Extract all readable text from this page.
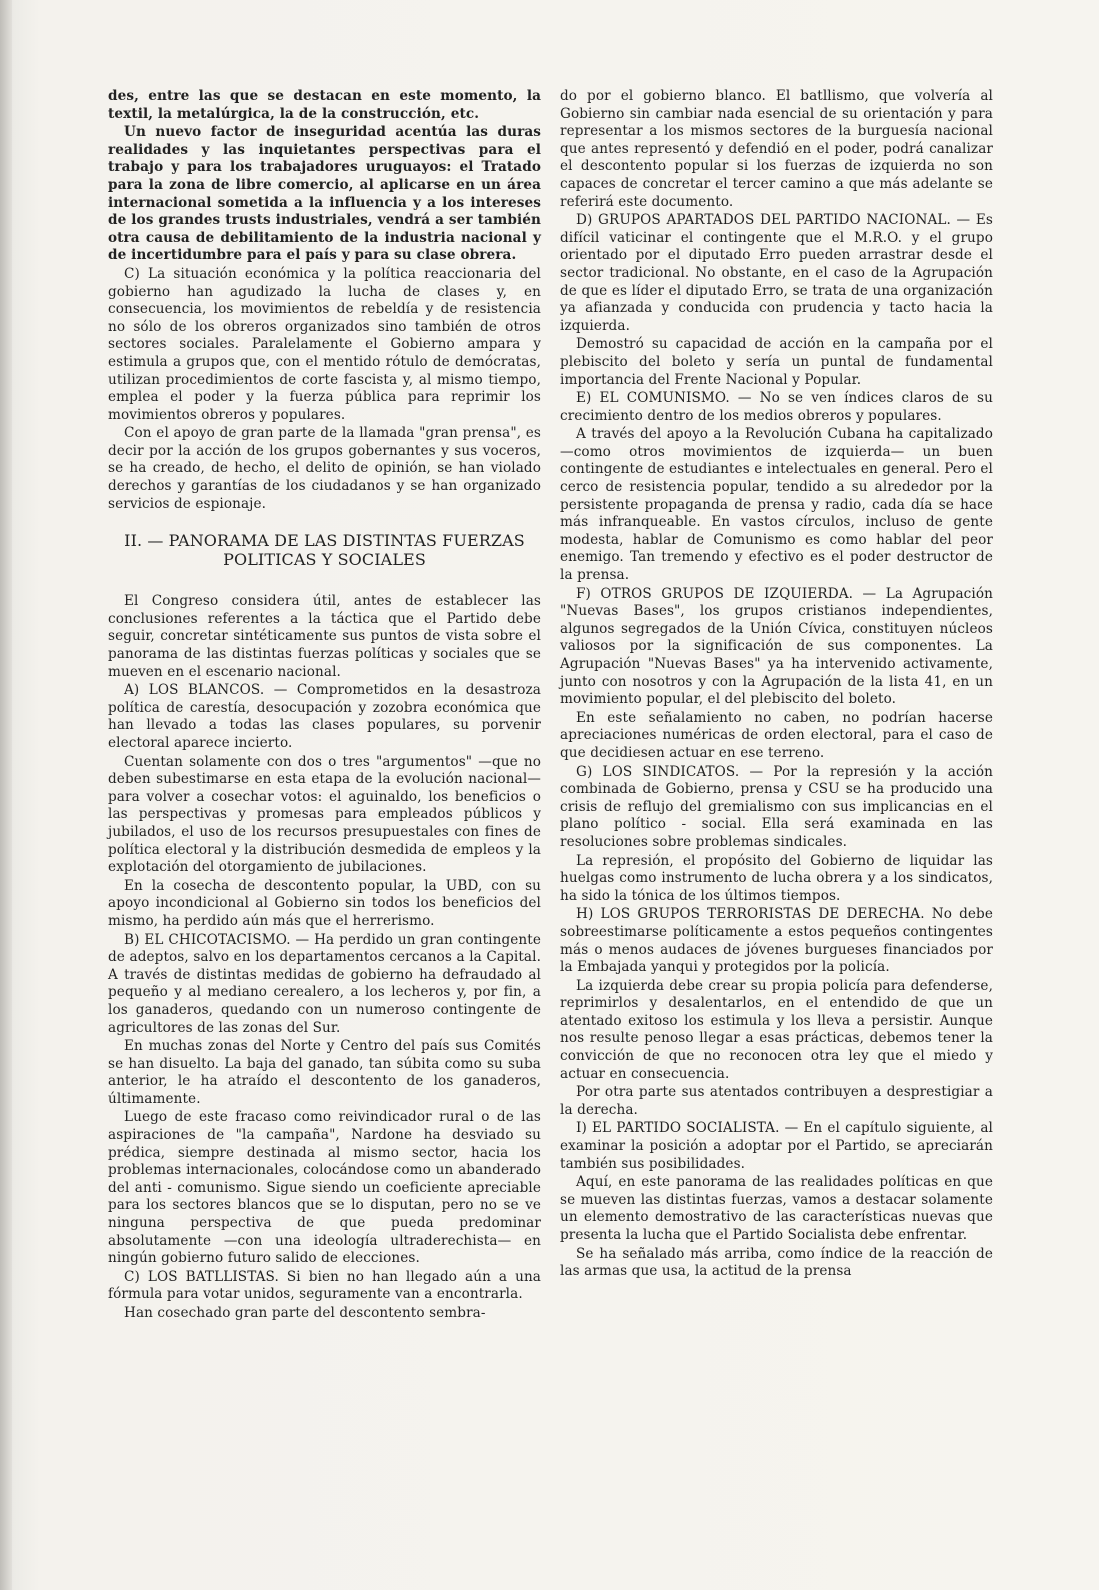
des, entre las que se destacan en este momento, la textil, la metalúrgica, la de la construcción, etc.

Un nuevo factor de inseguridad acentúa las duras realidades y las inquietantes perspectivas para el trabajo y para los trabajadores uruguayos: el Tratado para la zona de libre comercio, al aplicarse en un área internacional sometida a la influencia y a los intereses de los grandes trusts industriales, vendrá a ser también otra causa de debilitamiento de la industria nacional y de incertidumbre para el país y para su clase obrera.

C) La situación económica y la política reaccionaria del gobierno han agudizado la lucha de clases y, en consecuencia, los movimientos de rebeldía y de resistencia no sólo de los obreros organizados sino también de otros sectores sociales. Paralelamente el Gobierno ampara y estimula a grupos que, con el mentido rótulo de demócratas, utilizan procedimientos de corte fascista y, al mismo tiempo, emplea el poder y la fuerza pública para reprimir los movimientos obreros y populares.

Con el apoyo de gran parte de la llamada "gran prensa", es decir por la acción de los grupos gobernantes y sus voceros, se ha creado, de hecho, el delito de opinión, se han violado derechos y garantías de los ciudadanos y se han organizado servicios de espionaje.

II. — PANORAMA DE LAS DISTINTAS FUERZAS POLITICAS Y SOCIALES

El Congreso considera útil, antes de establecer las conclusiones referentes a la táctica que el Partido debe seguir, concretar sintéticamente sus puntos de vista sobre el panorama de las distintas fuerzas políticas y sociales que se mueven en el escenario nacional.

A) LOS BLANCOS. — Comprometidos en la desastroza política de carestía, desocupación y zozobra económica que han llevado a todas las clases populares, su porvenir electoral aparece incierto.

Cuentan solamente con dos o tres "argumentos" —que no deben subestimarse en esta etapa de la evolución nacional— para volver a cosechar votos: el aguinaldo, los beneficios o las perspectivas y promesas para empleados públicos y jubilados, el uso de los recursos presupuestales con fines de política electoral y la distribución desmedida de empleos y la explotación del otorgamiento de jubilaciones.

En la cosecha de descontento popular, la UBD, con su apoyo incondicional al Gobierno sin todos los beneficios del mismo, ha perdido aún más que el herrerismo.

B) EL CHICOTACISMO. — Ha perdido un gran contingente de adeptos, salvo en los departamentos cercanos a la Capital. A través de distintas medidas de gobierno ha defraudado al pequeño y al mediano cerealero, a los lecheros y, por fin, a los ganaderos, quedando con un numeroso contingente de agricultores de las zonas del Sur.

En muchas zonas del Norte y Centro del país sus Comités se han disuelto. La baja del ganado, tan súbita como su suba anterior, le ha atraído el descontento de los ganaderos, últimamente.

Luego de este fracaso como reivindicador rural o de las aspiraciones de "la campaña", Nardone ha desviado su prédica, siempre destinada al mismo sector, hacia los problemas internacionales, colocándose como un abanderado del anti - comunismo. Sigue siendo un coeficiente apreciable para los sectores blancos que se lo disputan, pero no se ve ninguna perspectiva de que pueda predominar absolutamente —con una ideología ultraderechista— en ningún gobierno futuro salido de elecciones.

C) LOS BATLLISTAS. Si bien no han llegado aún a una fórmula para votar unidos, seguramente van a encontrarla.

Han cosechado gran parte del descontento sembra-

do por el gobierno blanco. El batllismo, que volvería al Gobierno sin cambiar nada esencial de su orientación y para representar a los mismos sectores de la burguesía nacional que antes representó y defendió en el poder, podrá canalizar el descontento popular si los fuerzas de izquierda no son capaces de concretar el tercer camino a que más adelante se referirá este documento.

D) GRUPOS APARTADOS DEL PARTIDO NACIONAL. — Es difícil vaticinar el contingente que el M.R.O. y el grupo orientado por el diputado Erro pueden arrastrar desde el sector tradicional. No obstante, en el caso de la Agrupación de que es líder el diputado Erro, se trata de una organización ya afianzada y conducida con prudencia y tacto hacia la izquierda.

Demostró su capacidad de acción en la campaña por el plebiscito del boleto y sería un puntal de fundamental importancia del Frente Nacional y Popular.

E) EL COMUNISMO. — No se ven índices claros de su crecimiento dentro de los medios obreros y populares.

A través del apoyo a la Revolución Cubana ha capitalizado —como otros movimientos de izquierda— un buen contingente de estudiantes e intelectuales en general. Pero el cerco de resistencia popular, tendido a su alrededor por la persistente propaganda de prensa y radio, cada día se hace más infranqueable. En vastos círculos, incluso de gente modesta, hablar de Comunismo es como hablar del peor enemigo. Tan tremendo y efectivo es el poder destructor de la prensa.

F) OTROS GRUPOS DE IZQUIERDA. — La Agrupación "Nuevas Bases", los grupos cristianos independientes, algunos segregados de la Unión Cívica, constituyen núcleos valiosos por la significación de sus componentes. La Agrupación "Nuevas Bases" ya ha intervenido activamente, junto con nosotros y con la Agrupación de la lista 41, en un movimiento popular, el del plebiscito del boleto.

En este señalamiento no caben, no podrían hacerse apreciaciones numéricas de orden electoral, para el caso de que decidiesen actuar en ese terreno.

G) LOS SINDICATOS. — Por la represión y la acción combinada de Gobierno, prensa y CSU se ha producido una crisis de reflujo del gremialismo con sus implicancias en el plano político - social. Ella será examinada en las resoluciones sobre problemas sindicales.

La represión, el propósito del Gobierno de liquidar las huelgas como instrumento de lucha obrera y a los sindicatos, ha sido la tónica de los últimos tiempos.

H) LOS GRUPOS TERRORISTAS DE DERECHA. No debe sobreestimarse políticamente a estos pequeños contingentes más o menos audaces de jóvenes burgueses financiados por la Embajada yanqui y protegidos por la policía.

La izquierda debe crear su propia policía para defenderse, reprimirlos y desalentarlos, en el entendido de que un atentado exitoso los estimula y los lleva a persistir. Aunque nos resulte penoso llegar a esas prácticas, debemos tener la convicción de que no reconocen otra ley que el miedo y actuar en consecuencia.

Por otra parte sus atentados contribuyen a desprestigiar a la derecha.

I) EL PARTIDO SOCIALISTA. — En el capítulo siguiente, al examinar la posición a adoptar por el Partido, se apreciarán también sus posibilidades.

Aquí, en este panorama de las realidades políticas en que se mueven las distintas fuerzas, vamos a destacar solamente un elemento demostrativo de las características nuevas que presenta la lucha que el Partido Socialista debe enfrentar.

Se ha señalado más arriba, como índice de la reacción de las armas que usa, la actitud de la prensa
